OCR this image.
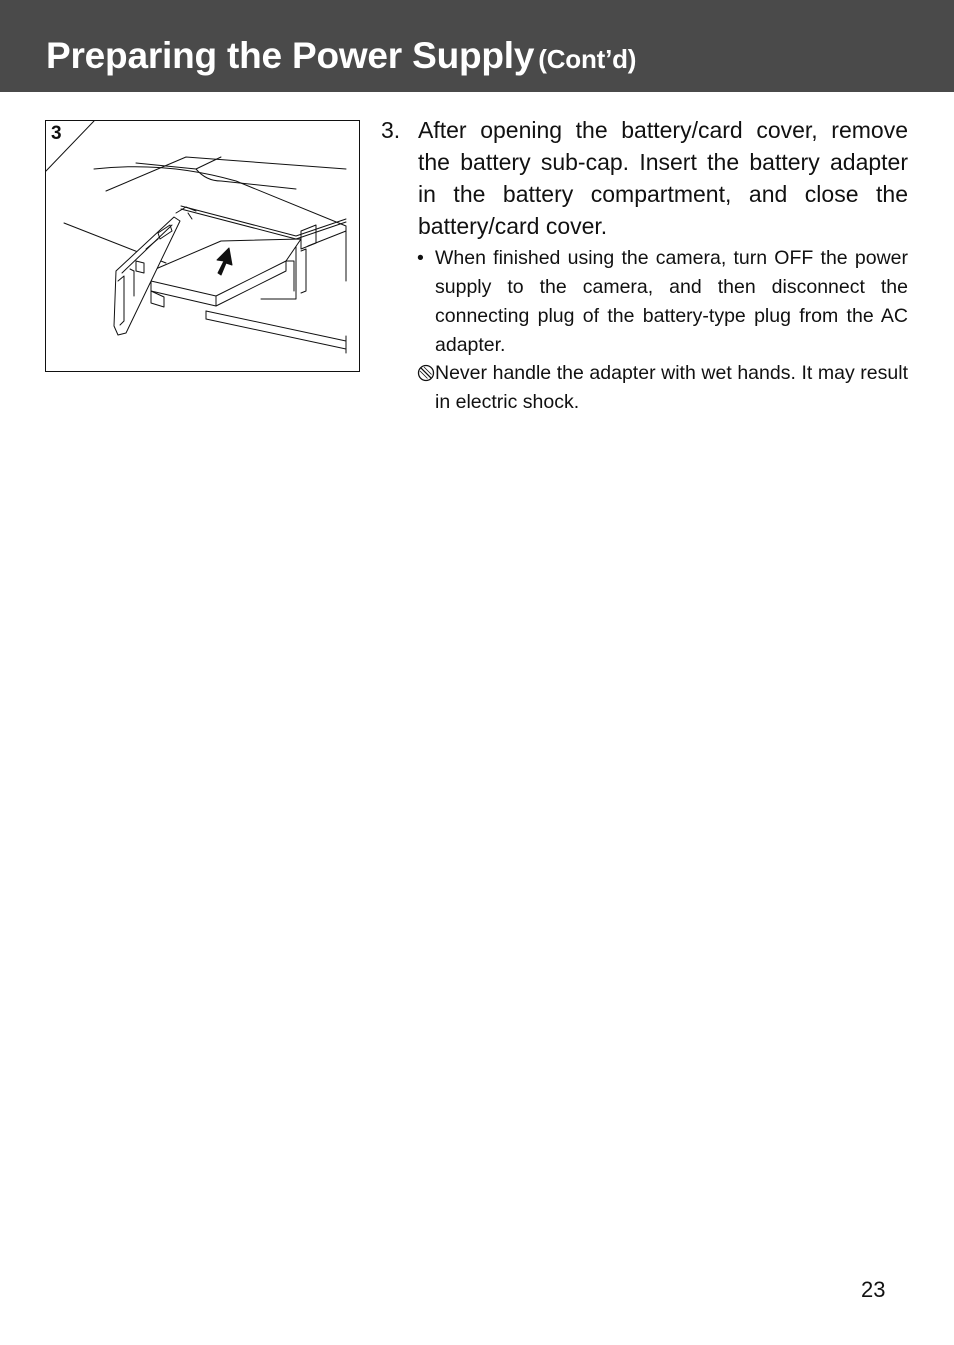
Preparing the Power Supply (Cont’d)
3	3. After opening the battery/card cover, remove the battery sub-cap. Insert the battery adapter in the battery compartment, and close the battery/card cover.
• When finished using the camera, turn OFF the power supply to the camera, and then disconnect the connecting plug of the battery-type plug from the AC adapter.
Never handle the adapter with wet hands. It may result in electric shock.
23
